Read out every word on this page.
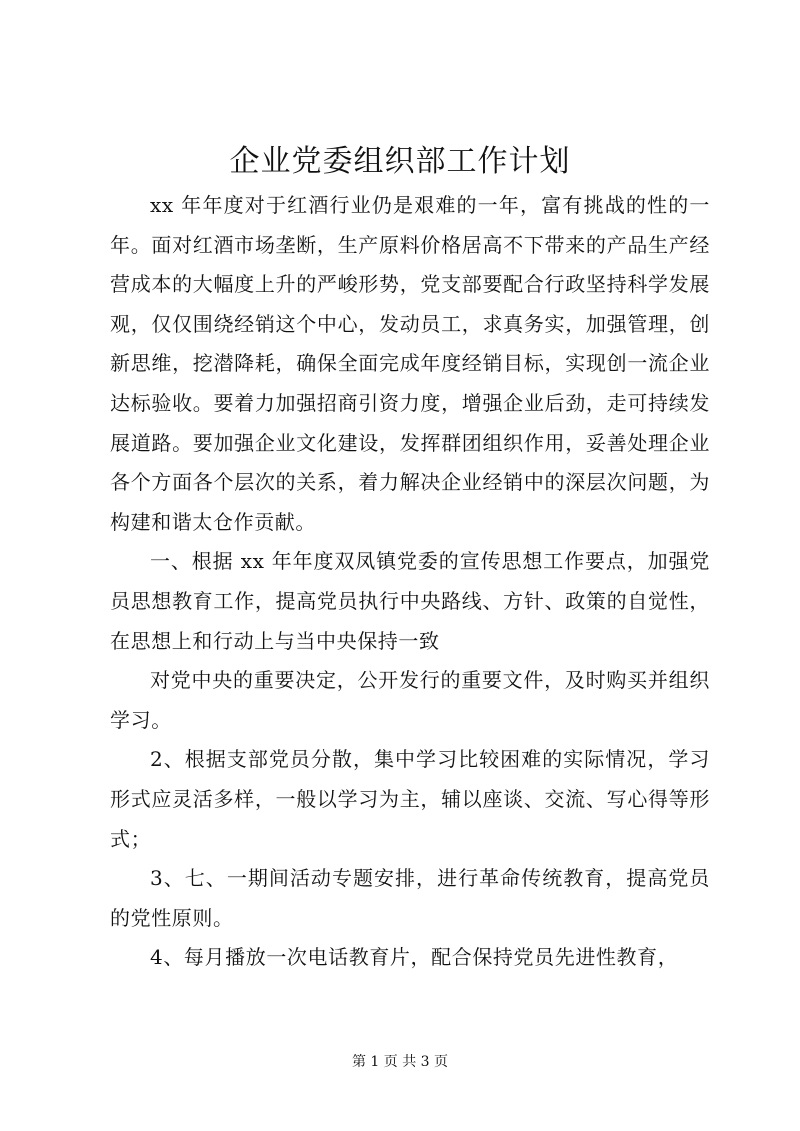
企业党委组织部工作计划

xx 年年度对于红酒行业仍是艰难的一年，富有挑战的性的一年。面对红酒市场垄断，生产原料价格居高不下带来的产品生产经营成本的大幅度上升的严峻形势，党支部要配合行政坚持科学发展观，仅仅围绕经销这个中心，发动员工，求真务实，加强管理，创新思维，挖潜降耗，确保全面完成年度经销目标，实现创一流企业达标验收。要着力加强招商引资力度，增强企业后劲，走可持续发展道路。要加强企业文化建设，发挥群团组织作用，妥善处理企业各个方面各个层次的关系，着力解决企业经销中的深层次问题，为构建和谐太仓作贡献。

一、根据 xx 年年度双凤镇党委的宣传思想工作要点，加强党员思想教育工作，提高党员执行中央路线、方针、政策的自觉性，在思想上和行动上与当中央保持一致

对党中央的重要决定，公开发行的重要文件，及时购买并组织学习。

2、根据支部党员分散，集中学习比较困难的实际情况，学习形式应灵活多样，一般以学习为主，辅以座谈、交流、写心得等形式；

3、七、一期间活动专题安排，进行革命传统教育，提高党员的党性原则。

4、每月播放一次电话教育片，配合保持党员先进性教育，

第 1 页 共 3 页
